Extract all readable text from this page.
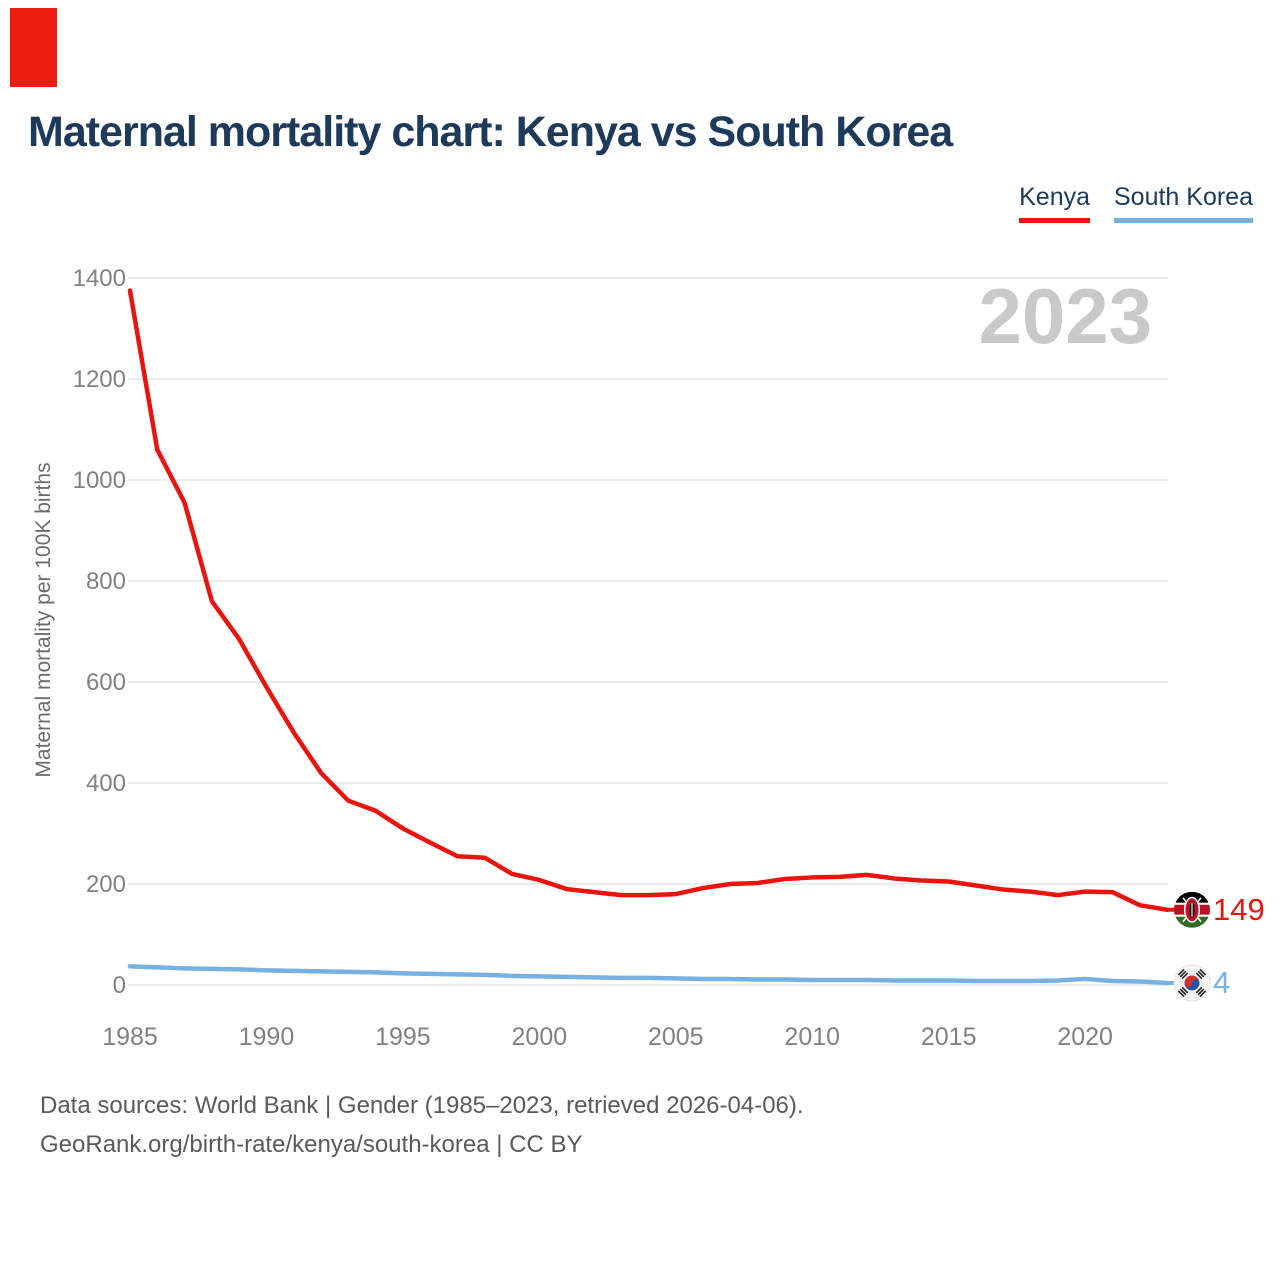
Maternal mortality chart: Kenya vs South Korea
Kenya South Korea
Maternal mortality per 100K births
0
200
400
600
800
1000
1200
1400
1985	1990	1995	2000	2005	2010	2015	2020
2023
149
4
Data sources: World Bank | Gender (1985–2023, retrieved 2026-04-06).
GeoRank.org/birth-rate/kenya/south-korea | CC BY
